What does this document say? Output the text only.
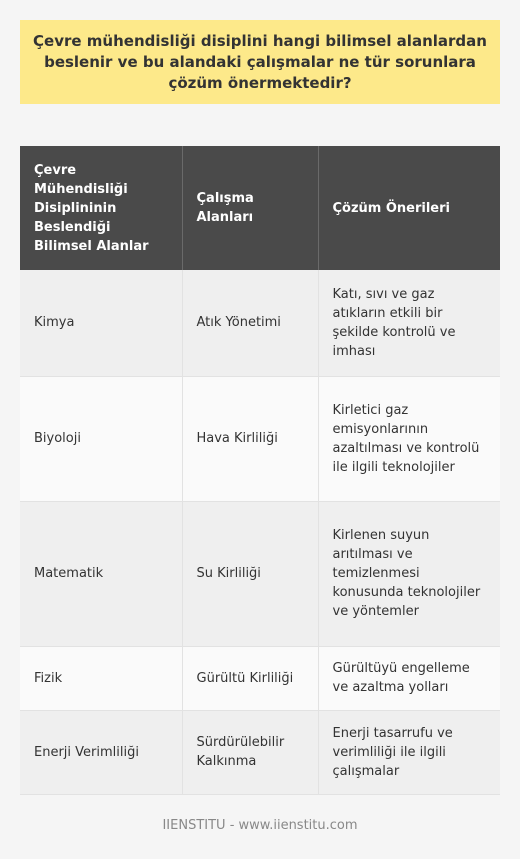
Çevre mühendisliği disiplini hangi bilimsel alanlardan beslenir ve bu alandaki çalışmalar ne tür sorunlara çözüm önermektedir?
Çevre Mühendisliği Disiplininin Beslendiği Bilimsel Alanlar	Çalışma Alanları	Çözüm Önerileri
Kimya	Atık Yönetimi	Katı, sıvı ve gaz atıkların etkili bir şekilde kontrolü ve imhası
Biyoloji	Hava Kirliliği	Kirletici gaz emisyonlarının azaltılması ve kontrolü ile ilgili teknolojiler
Matematik	Su Kirliliği	Kirlenen suyun arıtılması ve temizlenmesi konusunda teknolojiler ve yöntemler
Fizik	Gürültü Kirliliği	Gürültüyü engelleme ve azaltma yolları
Enerji Verimliliği	Sürdürülebilir Kalkınma	Enerji tasarrufu ve verimliliği ile ilgili çalışmalar
IIENSTITU - www.iienstitu.com
